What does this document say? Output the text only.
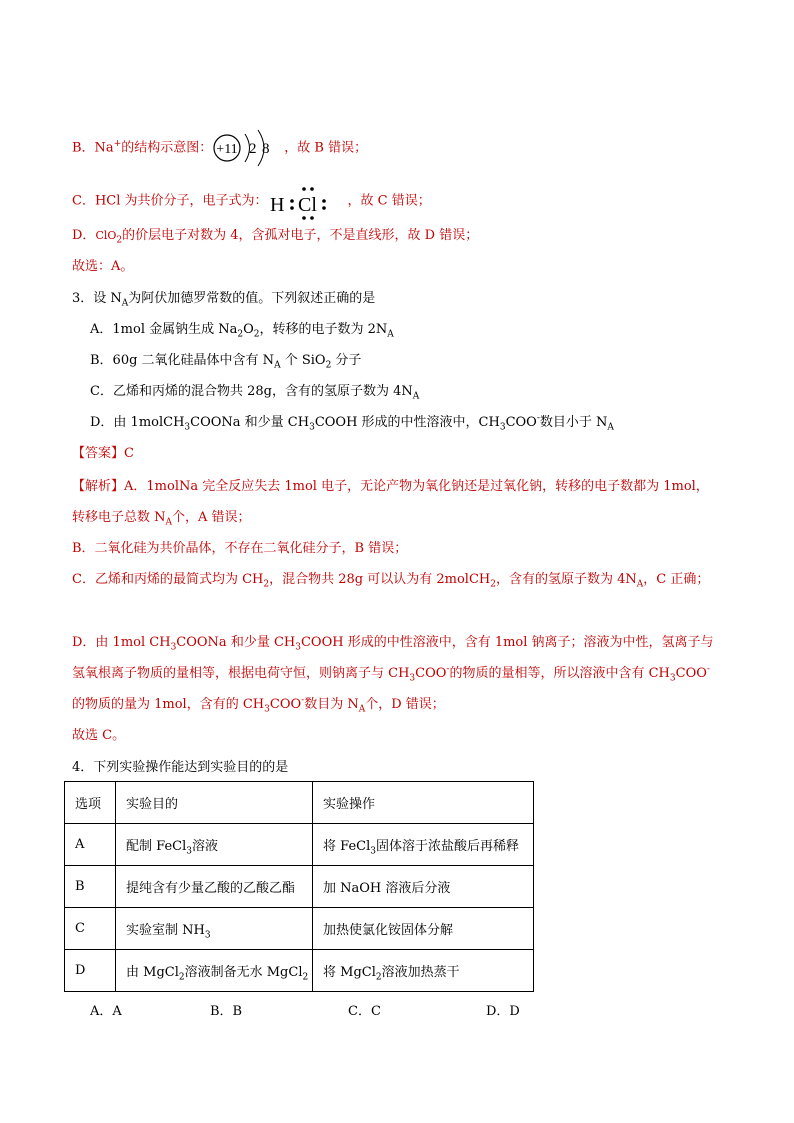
B．Na+的结构示意图： +11 2 8 ，故 B 错误；
C．HCl 为共价分子，电子式为： H Cl ，故 C 错误；
D．ClO$_2$的价层电子对数为 4，含孤对电子，不是直线形，故 D 错误；
故选：A。
3．设 $N_A$为阿伏加德罗常数的值。下列叙述正确的是
A．1mol 金属钠生成 $Na_2O_2$，转移的电子数为 $2N_A$
B．60g 二氧化硅晶体中含有 $N_A$ 个 SiO$_2$ 分子
C．乙烯和丙烯的混合物共 28g，含有的氢原子数为 $4N_A$
D．由 1molCH$_3$COONa 和少量 $CH_3COOH$ 形成的中性溶液中，$CH_3COO^-$数目小于 $N_A$
【答案】C
【解析】A．1molNa 完全反应失去 1mol 电子，无论产物为氧化钠还是过氧化钠，转移的电子数都为 1mol，
转移电子总数 $N_A$个，A 错误；
B．二氧化硅为共价晶体，不存在二氧化硅分子，B 错误；
C．乙烯和丙烯的最简式均为 $CH_2$，混合物共 28g 可以认为有 2molCH$_2$，含有的氢原子数为 $4N_A$，C 正确；
D．由 1mol $CH_3COONa$ 和少量 $CH_3COOH$ 形成的中性溶液中，含有 1mol 钠离子；溶液为中性，氢离子与
氢氧根离子物质的量相等，根据电荷守恒，则钠离子与 $CH_3COO^-$的物质的量相等，所以溶液中含有 $CH_3COO^-$
的物质的量为 1mol，含有的 $CH_3COO^-$数目为 $N_A$个，D 错误；
故选 C。
4．下列实验操作能达到实验目的的是
选项	实验目的	实验操作
A	配制 FeCl$_3$溶液	将 FeCl$_3$固体溶于浓盐酸后再稀释
B	提纯含有少量乙酸的乙酸乙酯	加 NaOH 溶液后分液
C	实验室制 $NH_3$	加热使氯化铵固体分解
D	由 MgCl$_2$溶液制备无水 MgCl$_2$	将 MgCl$_2$溶液加热蒸干
A．A	B．B	C．C	D．D
